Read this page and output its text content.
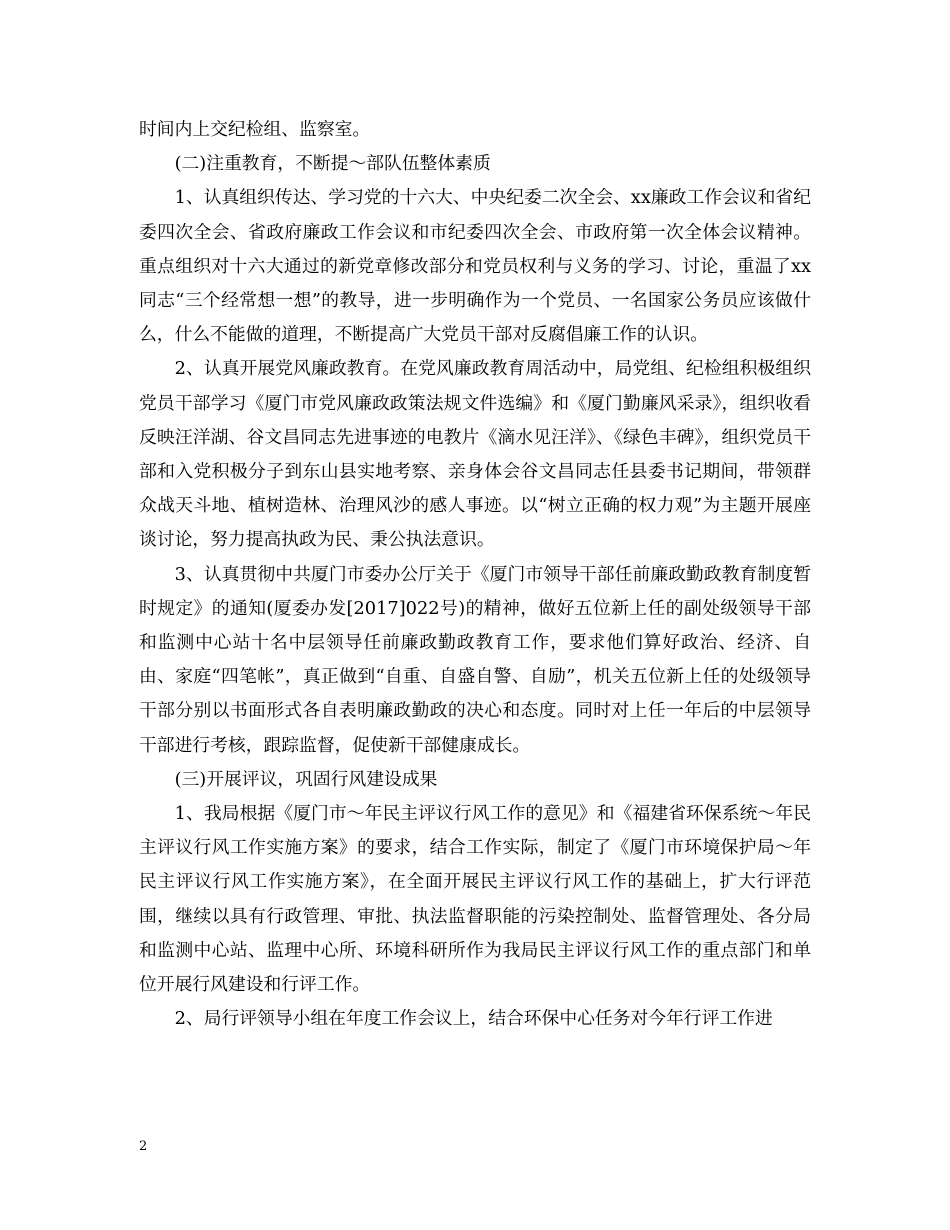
时间内上交纪检组、监察室。

(二)注重教育，不断提～部队伍整体素质

1、认真组织传达、学习党的十六大、中央纪委二次全会、xx廉政工作会议和省纪委四次全会、省政府廉政工作会议和市纪委四次全会、市政府第一次全体会议精神。重点组织对十六大通过的新党章修改部分和党员权利与义务的学习、讨论，重温了xx同志“三个经常想一想”的教导，进一步明确作为一个党员、一名国家公务员应该做什么，什么不能做的道理，不断提高广大党员干部对反腐倡廉工作的认识。

2、认真开展党风廉政教育。在党风廉政教育周活动中，局党组、纪检组积极组织党员干部学习《厦门市党风廉政政策法规文件选编》和《厦门勤廉风采录》，组织收看反映汪洋湖、谷文昌同志先进事迹的电教片《滴水见汪洋》、《绿色丰碑》，组织党员干部和入党积极分子到东山县实地考察、亲身体会谷文昌同志任县委书记期间，带领群众战天斗地、植树造林、治理风沙的感人事迹。以“树立正确的权力观”为主题开展座谈讨论，努力提高执政为民、秉公执法意识。

3、认真贯彻中共厦门市委办公厅关于《厦门市领导干部任前廉政勤政教育制度暂时规定》的通知(厦委办发[2017]022号)的精神，做好五位新上任的副处级领导干部和监测中心站十名中层领导任前廉政勤政教育工作，要求他们算好政治、经济、自由、家庭“四笔帐”，真正做到“自重、自盛自警、自励”，机关五位新上任的处级领导干部分别以书面形式各自表明廉政勤政的决心和态度。同时对上任一年后的中层领导干部进行考核，跟踪监督，促使新干部健康成长。

(三)开展评议，巩固行风建设成果

1、我局根据《厦门市～年民主评议行风工作的意见》和《福建省环保系统～年民主评议行风工作实施方案》的要求，结合工作实际，制定了《厦门市环境保护局～年民主评议行风工作实施方案》，在全面开展民主评议行风工作的基础上，扩大行评范围，继续以具有行政管理、审批、执法监督职能的污染控制处、监督管理处、各分局和监测中心站、监理中心所、环境科研所作为我局民主评议行风工作的重点部门和单位开展行风建设和行评工作。

2、局行评领导小组在年度工作会议上，结合环保中心任务对今年行评工作进

2
